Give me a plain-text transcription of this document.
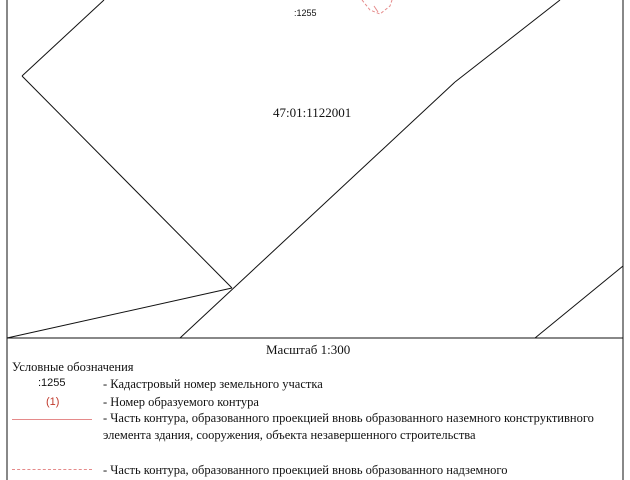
:1255
47:01:1122001
Масштаб 1:300
Условные обозначения
:1255	- Кадастровый номер земельного участка
(1)	- Номер образуемого контура
- Часть контура, образованного проекцией вновь образованного наземного конструктивного элемента здания, сооружения, объекта незавершенного строительства
- Часть контура, образованного проекцией вновь образованного надземного
